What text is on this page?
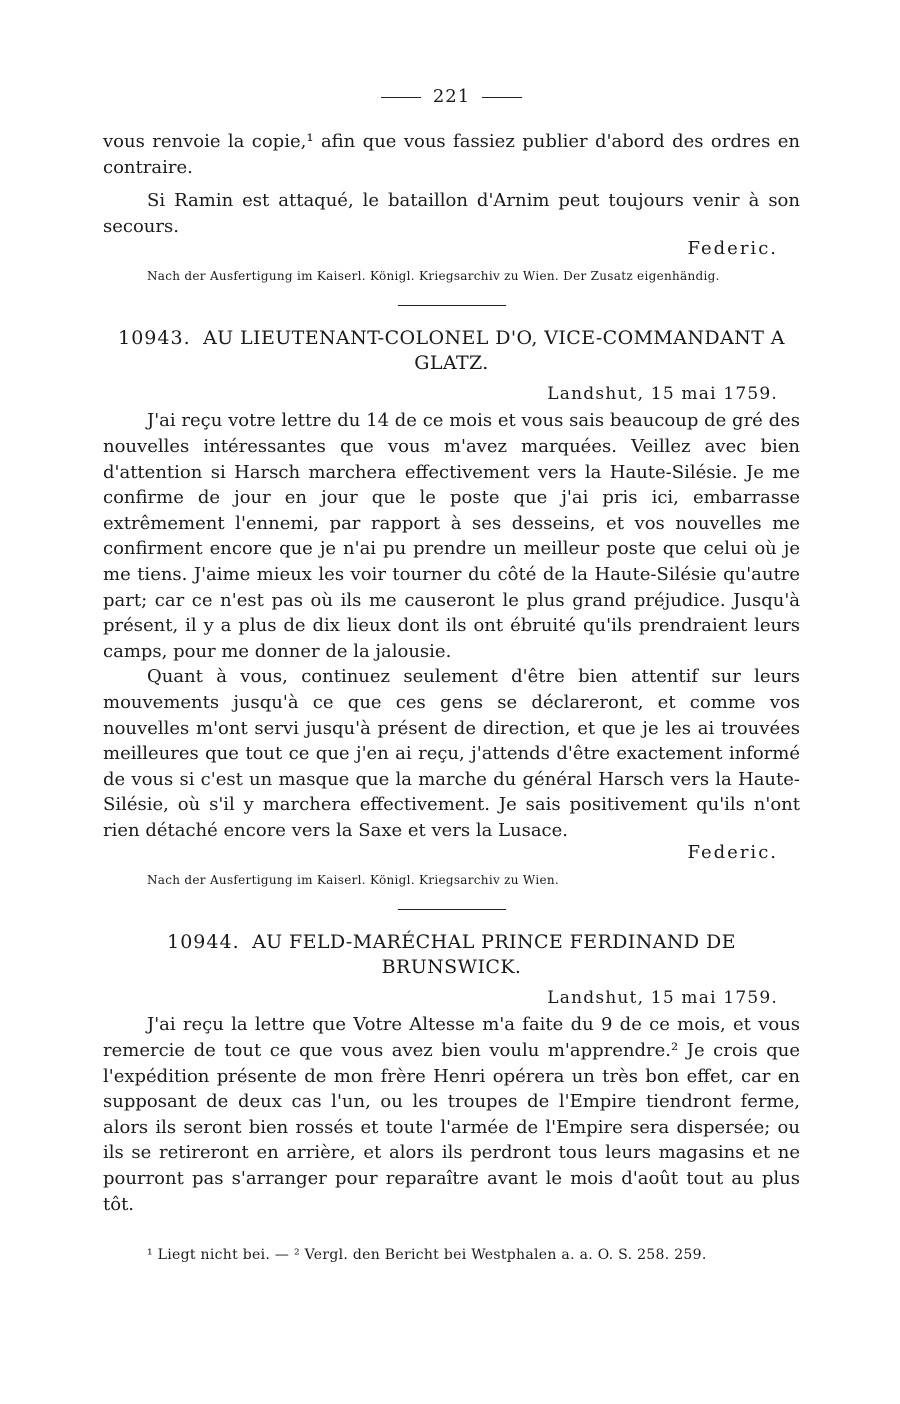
221

vous renvoie la copie,¹ afin que vous fassiez publier d'abord des ordres en contraire.

Si Ramin est attaqué, le bataillon d'Arnim peut toujours venir à son secours.

Federic.
Nach der Ausfertigung im Kaiserl. Königl. Kriegsarchiv zu Wien. Der Zusatz eigenhändig.
10943. AU LIEUTENANT-COLONEL D'O, VICE-COMMANDANT A GLATZ.
Landshut, 15 mai 1759.

J'ai reçu votre lettre du 14 de ce mois et vous sais beaucoup de gré des nouvelles intéressantes que vous m'avez marquées. Veillez avec bien d'attention si Harsch marchera effectivement vers la Haute-Silésie. Je me confirme de jour en jour que le poste que j'ai pris ici, embarrasse extrêmement l'ennemi, par rapport à ses desseins, et vos nouvelles me confirment encore que je n'ai pu prendre un meilleur poste que celui où je me tiens. J'aime mieux les voir tourner du côté de la Haute-Silésie qu'autre part; car ce n'est pas où ils me causeront le plus grand préjudice. Jusqu'à présent, il y a plus de dix lieux dont ils ont ébruité qu'ils prendraient leurs camps, pour me donner de la jalousie.

Quant à vous, continuez seulement d'être bien attentif sur leurs mouvements jusqu'à ce que ces gens se déclareront, et comme vos nouvelles m'ont servi jusqu'à présent de direction, et que je les ai trouvées meilleures que tout ce que j'en ai reçu, j'attends d'être exactement informé de vous si c'est un masque que la marche du général Harsch vers la Haute-Silésie, où s'il y marchera effectivement. Je sais positivement qu'ils n'ont rien détaché encore vers la Saxe et vers la Lusace.

Federic.
Nach der Ausfertigung im Kaiserl. Königl. Kriegsarchiv zu Wien.
10944. AU FELD-MARÉCHAL PRINCE FERDINAND DE BRUNSWICK.
Landshut, 15 mai 1759.

J'ai reçu la lettre que Votre Altesse m'a faite du 9 de ce mois, et vous remercie de tout ce que vous avez bien voulu m'apprendre.² Je crois que l'expédition présente de mon frère Henri opérera un très bon effet, car en supposant de deux cas l'un, ou les troupes de l'Empire tiendront ferme, alors ils seront bien rossés et toute l'armée de l'Empire sera dispersée; ou ils se retireront en arrière, et alors ils perdront tous leurs magasins et ne pourront pas s'arranger pour reparaître avant le mois d'août tout au plus tôt.

¹ Liegt nicht bei. — ² Vergl. den Bericht bei Westphalen a. a. O. S. 258. 259.
